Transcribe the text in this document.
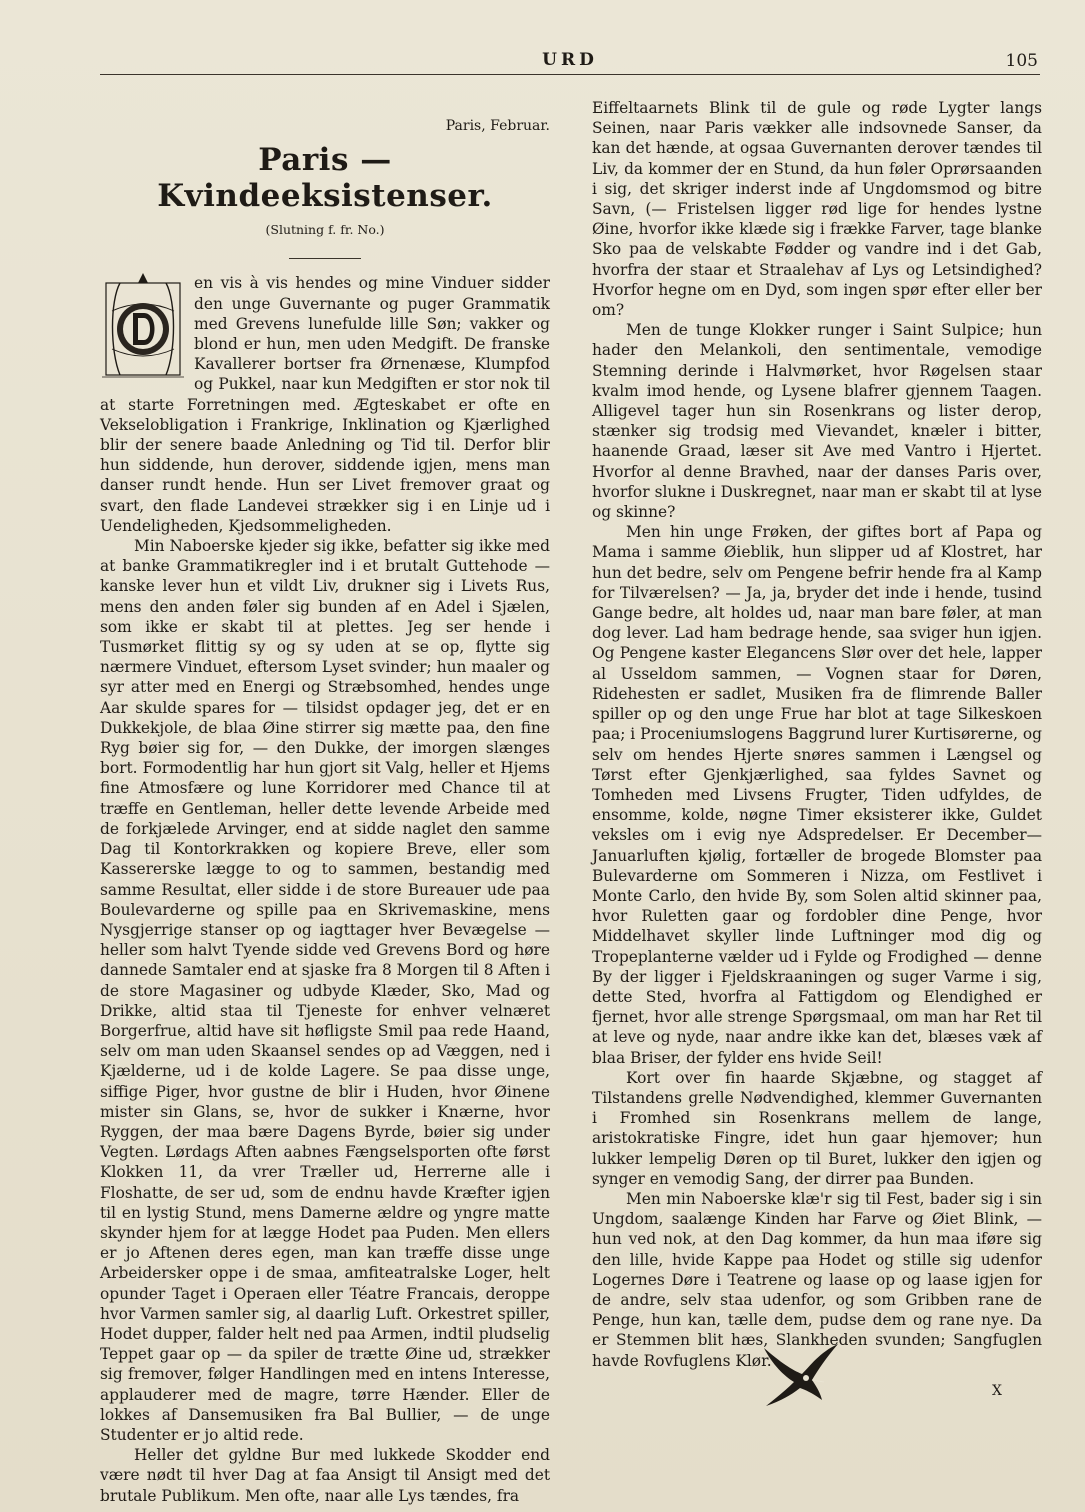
URD	105
Paris, Februar.
Paris — Kvindeeksistenser.
(Slutning f. fr. No.)

en vis à vis hendes og mine Vinduer sidder den unge Guvernante og puger Grammatik med Grevens lunefulde lille Søn; vakker og blond er hun, men uden Medgift. De franske Kavallerer bortser fra Ørnenæse, Klumpfod og Pukkel, naar kun Medgiften er stor nok til at starte Forretningen med. Ægteskabet er ofte en Vekselobligation i Frankrige, Inklination og Kjærlighed blir der senere baade Anledning og Tid til. Derfor blir hun siddende, hun derover, siddende igjen, mens man danser rundt hende. Hun ser Livet fremover graat og svart, den flade Landevei strækker sig i en Linje ud i Uendeligheden, Kjedsommeligheden.

Min Naboerske kjeder sig ikke, befatter sig ikke med at banke Grammatikregler ind i et brutalt Guttehode — kanske lever hun et vildt Liv, drukner sig i Livets Rus, mens den anden føler sig bunden af en Adel i Sjælen, som ikke er skabt til at plettes. Jeg ser hende i Tusmørket flittig sy og sy uden at se op, flytte sig nærmere Vinduet, eftersom Lyset svinder; hun maaler og syr atter med en Energi og Stræbsomhed, hendes unge Aar skulde spares for — tilsidst opdager jeg, det er en Dukkekjole, de blaa Øine stirrer sig mætte paa, den fine Ryg bøier sig for, — den Dukke, der imorgen slænges bort. Formodentlig har hun gjort sit Valg, heller et Hjems fine Atmosfære og lune Korridorer med Chance til at træffe en Gentleman, heller dette levende Arbeide med de forkjælede Arvinger, end at sidde naglet den samme Dag til Kontorkrakken og kopiere Breve, eller som Kassererske lægge to og to sammen, bestandig med samme Resultat, eller sidde i de store Bureauer ude paa Boulevarderne og spille paa en Skrivemaskine, mens Nysgjerrige stanser op og iagttager hver Bevægelse — heller som halvt Tyende sidde ved Grevens Bord og høre dannede Samtaler end at sjaske fra 8 Morgen til 8 Aften i de store Magasiner og udbyde Klæder, Sko, Mad og Drikke, altid staa til Tjeneste for enhver velnæret Borgerfrue, altid have sit høfligste Smil paa rede Haand, selv om man uden Skaansel sendes op ad Væggen, ned i Kjælderne, ud i de kolde Lagere. Se paa disse unge, siffige Piger, hvor gustne de blir i Huden, hvor Øinene mister sin Glans, se, hvor de sukker i Knærne, hvor Ryggen, der maa bære Dagens Byrde, bøier sig under Vegten. Lørdags Aften aabnes Fængselsporten ofte først Klokken 11, da vrer Træller ud, Herrerne alle i Floshatte, de ser ud, som de endnu havde Kræfter igjen til en lystig Stund, mens Damerne ældre og yngre matte skynder hjem for at lægge Hodet paa Puden. Men ellers er jo Aftenen deres egen, man kan træffe disse unge Arbeidersker oppe i de smaa, amfiteatralske Loger, helt opunder Taget i Operaen eller Téatre Francais, deroppe hvor Varmen samler sig, al daarlig Luft. Orkestret spiller, Hodet dupper, falder helt ned paa Armen, indtil pludselig Teppet gaar op — da spiler de trætte Øine ud, strækker sig fremover, følger Handlingen med en intens Interesse, applauderer med de magre, tørre Hænder. Eller de lokkes af Dansemusiken fra Bal Bullier, — de unge Studenter er jo altid rede.

Heller det gyldne Bur med lukkede Skodder end være nødt til hver Dag at faa Ansigt til Ansigt med det brutale Publikum. Men ofte, naar alle Lys tændes, fra

Eiffeltaarnets Blink til de gule og røde Lygter langs Seinen, naar Paris vækker alle indsovnede Sanser, da kan det hænde, at ogsaa Guvernanten derover tændes til Liv, da kommer der en Stund, da hun føler Oprørsaanden i sig, det skriger inderst inde af Ungdomsmod og bitre Savn, (— Fristelsen ligger rød lige for hendes lystne Øine, hvorfor ikke klæde sig i frække Farver, tage blanke Sko paa de velskabte Fødder og vandre ind i det Gab, hvorfra der staar et Straalehav af Lys og Letsindighed? Hvorfor hegne om en Dyd, som ingen spør efter eller ber om?

Men de tunge Klokker runger i Saint Sulpice; hun hader den Melankoli, den sentimentale, vemodige Stemning derinde i Halvmørket, hvor Røgelsen staar kvalm imod hende, og Lysene blafrer gjennem Taagen. Alligevel tager hun sin Rosenkrans og lister derop, stænker sig trodsig med Vievandet, knæler i bitter, haanende Graad, læser sit Ave med Vantro i Hjertet. Hvorfor al denne Bravhed, naar der danses Paris over, hvorfor slukne i Duskregnet, naar man er skabt til at lyse og skinne?

Men hin unge Frøken, der giftes bort af Papa og Mama i samme Øieblik, hun slipper ud af Klostret, har hun det bedre, selv om Pengene befrir hende fra al Kamp for Tilværelsen? — Ja, ja, bryder det inde i hende, tusind Gange bedre, alt holdes ud, naar man bare føler, at man dog lever. Lad ham bedrage hende, saa sviger hun igjen. Og Pengene kaster Elegancens Slør over det hele, lapper al Usseldom sammen, — Vognen staar for Døren, Ridehesten er sadlet, Musiken fra de flimrende Baller spiller op og den unge Frue har blot at tage Silkeskoen paa; i Proceniumslogens Baggrund lurer Kurtisørerne, og selv om hendes Hjerte snøres sammen i Længsel og Tørst efter Gjenkjærlighed, saa fyldes Savnet og Tomheden med Livsens Frugter, Tiden udfyldes, de ensomme, kolde, nøgne Timer eksisterer ikke, Guldet veksles om i evig nye Adspredelser. Er December—Januarluften kjølig, fortæller de brogede Blomster paa Bulevarderne om Sommeren i Nizza, om Festlivet i Monte Carlo, den hvide By, som Solen altid skinner paa, hvor Ruletten gaar og fordobler dine Penge, hvor Middelhavet skyller linde Luftninger mod dig og Tropeplanterne vælder ud i Fylde og Frodighed — denne By der ligger i Fjeldskraaningen og suger Varme i sig, dette Sted, hvorfra al Fattigdom og Elendighed er fjernet, hvor alle strenge Spørgsmaal, om man har Ret til at leve og nyde, naar andre ikke kan det, blæses væk af blaa Briser, der fylder ens hvide Seil!

Kort over fin haarde Skjæbne, og stagget af Tilstandens grelle Nødvendighed, klemmer Guvernanten i Fromhed sin Rosenkrans mellem de lange, aristokratiske Fingre, idet hun gaar hjemover; hun lukker lempelig Døren op til Buret, lukker den igjen og synger en vemodig Sang, der dirrer paa Bunden.

Men min Naboerske klæ'r sig til Fest, bader sig i sin Ungdom, saalænge Kinden har Farve og Øiet Blink, — hun ved nok, at den Dag kommer, da hun maa iføre sig den lille, hvide Kappe paa Hodet og stille sig udenfor Logernes Døre i Teatrene og laase op og laase igjen for de andre, selv staa udenfor, og som Gribben rane de Penge, hun kan, tælle dem, pudse dem og rane nye. Da er Stemmen blit hæs, Slankheden svunden; Sangfuglen havde Rovfuglens Klør.

X
